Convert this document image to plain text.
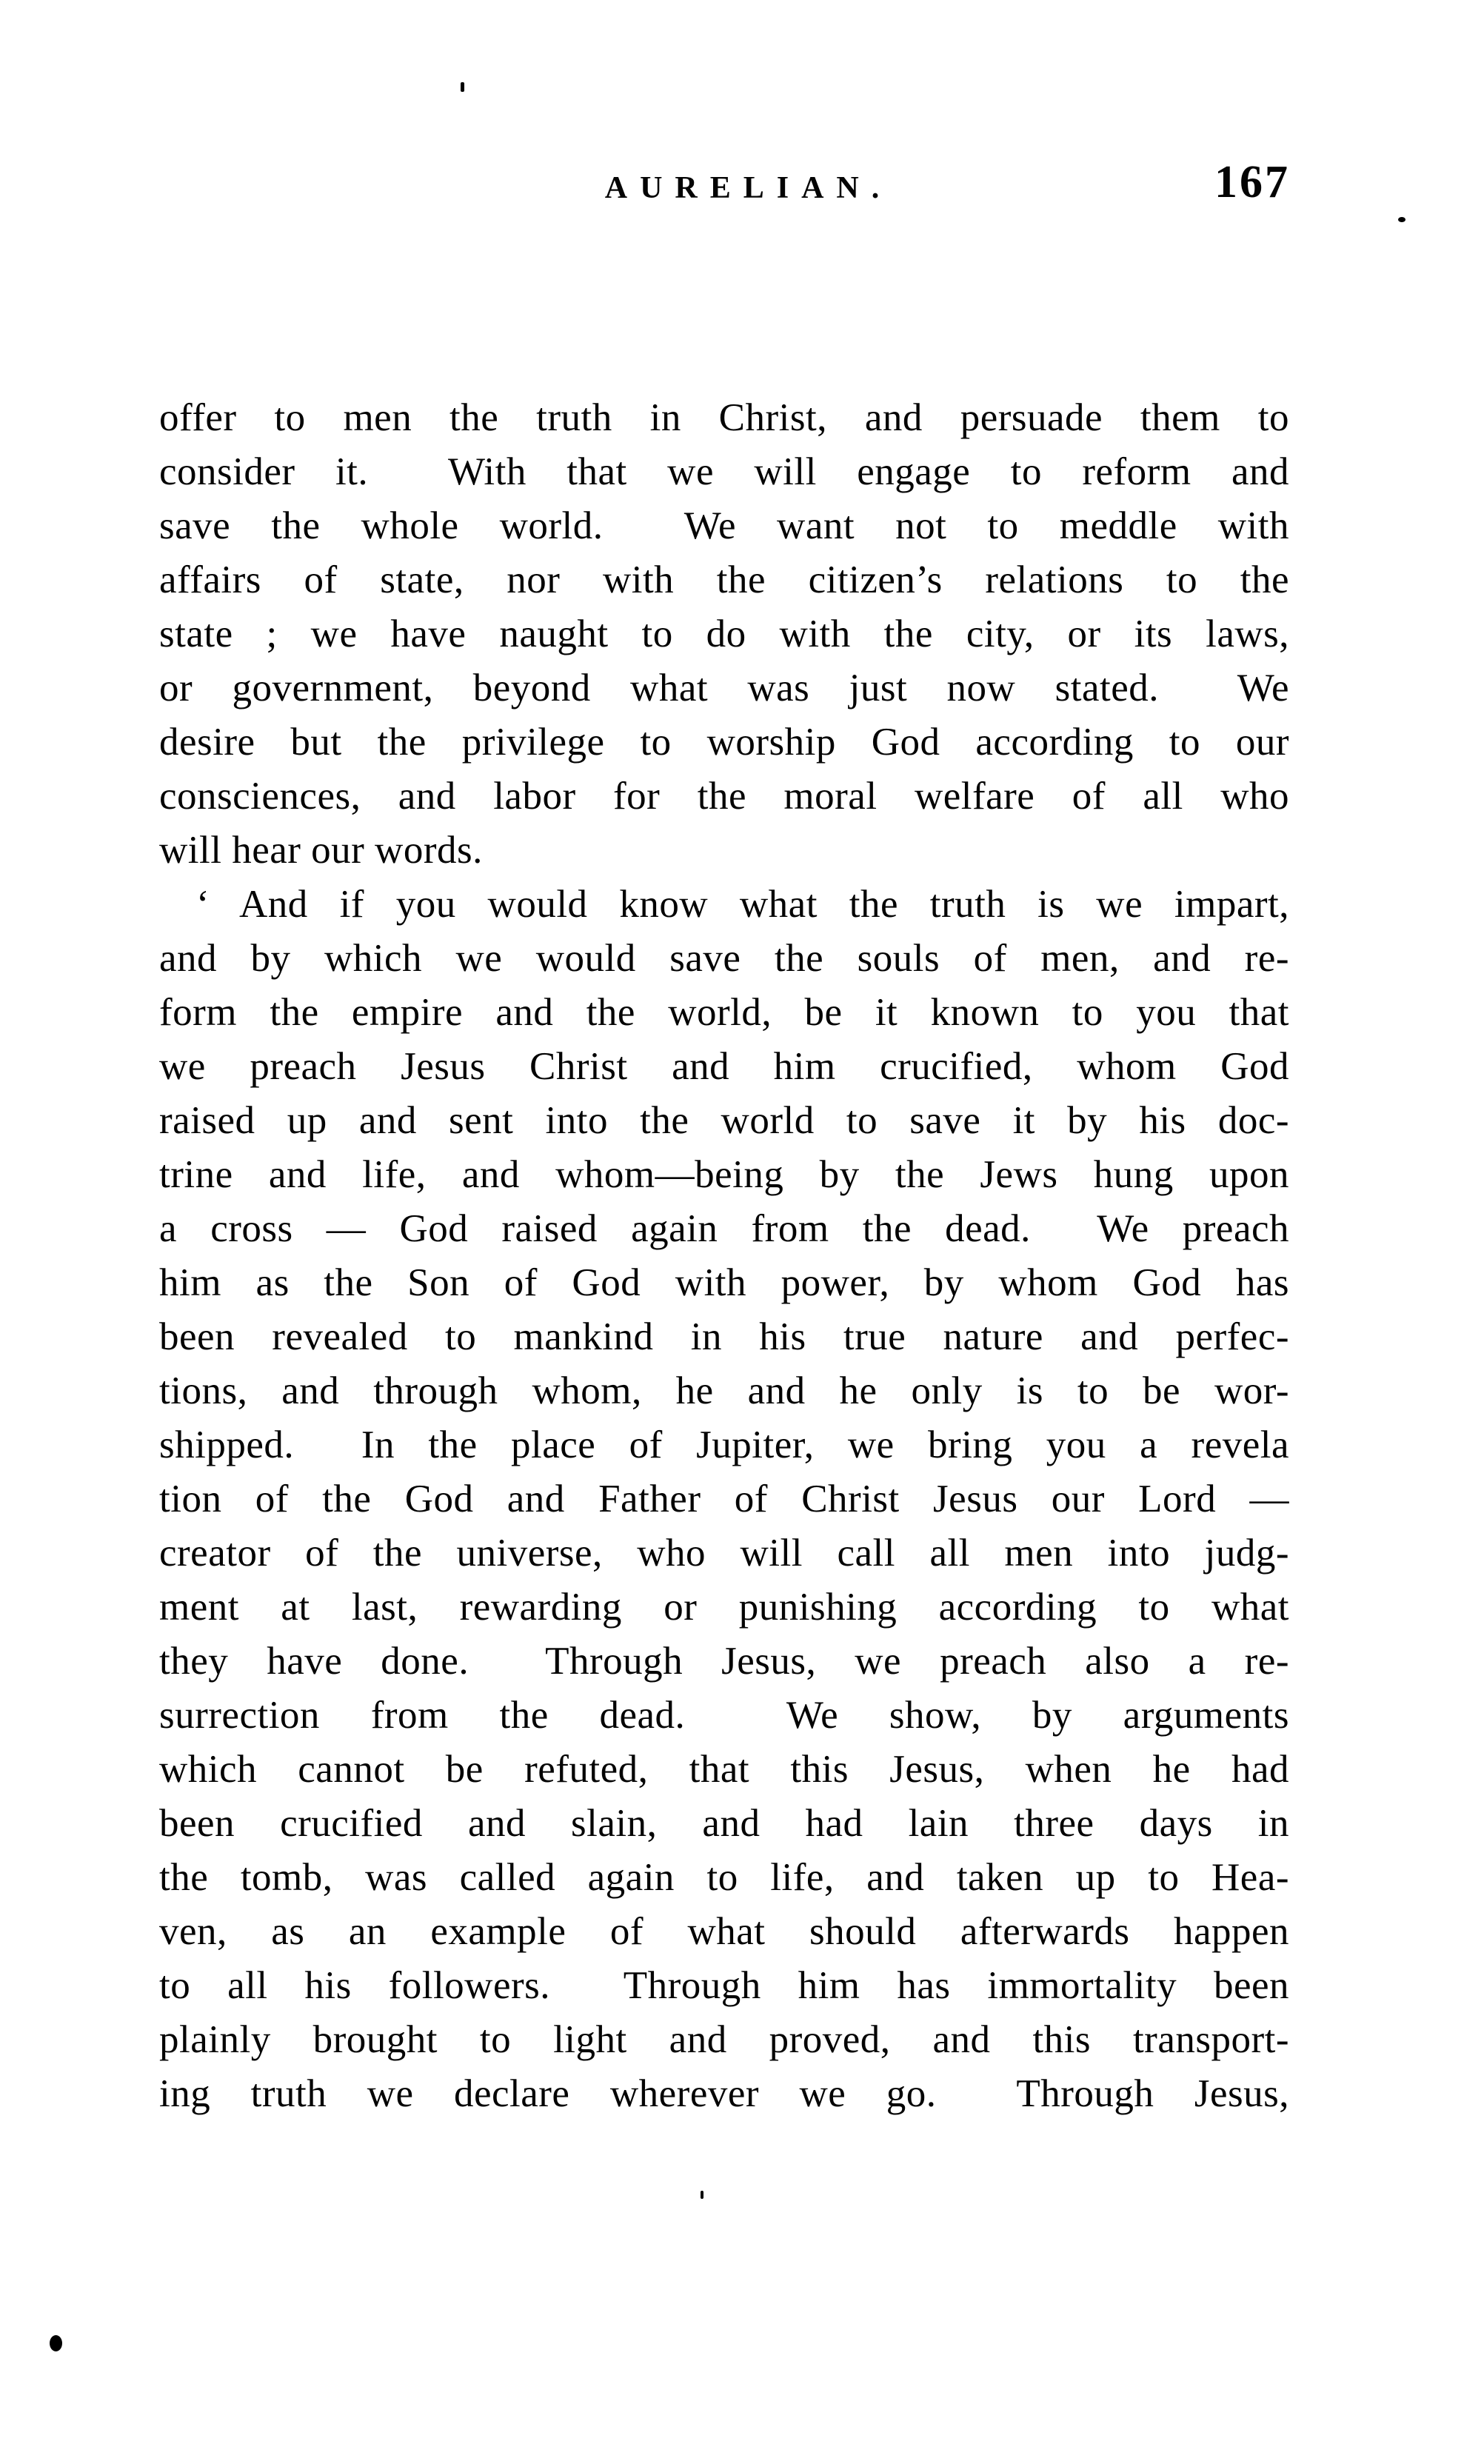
AURELIAN.	167
offer to men the truth in Christ, and persuade them to
consider it.  With that we will engage to reform and
save the whole world.  We want not to meddle with
affairs of state, nor with the citizen’s relations to the
state ; we have naught to do with the city, or its laws,
or government, beyond what was just now stated.  We
desire but the privilege to worship God according to our
consciences, and labor for the moral welfare of all who
will hear our words.
‘ And if you would know what the truth is we impart,
and by which we would save the souls of men, and re-
form the empire and the world, be it known to you that
we preach Jesus Christ and him crucified, whom God
raised up and sent into the world to save it by his doc-
trine and life, and whom—being by the Jews hung upon
a cross — God raised again from the dead.  We preach
him as the Son of God with power, by whom God has
been revealed to mankind in his true nature and perfec-
tions, and through whom, he and he only is to be wor-
shipped.  In the place of Jupiter, we bring you a revela
tion of the God and Father of Christ Jesus our Lord —
creator of the universe, who will call all men into judg-
ment at last, rewarding or punishing according to what
they have done.  Through Jesus, we preach also a re-
surrection from the dead.  We show, by arguments
which cannot be refuted, that this Jesus, when he had
been crucified and slain, and had lain three days in
the tomb, was called again to life, and taken up to Hea-
ven, as an example of what should afterwards happen
to all his followers.  Through him has immortality been
plainly brought to light and proved, and this transport-
ing truth we declare wherever we go.  Through Jesus,
